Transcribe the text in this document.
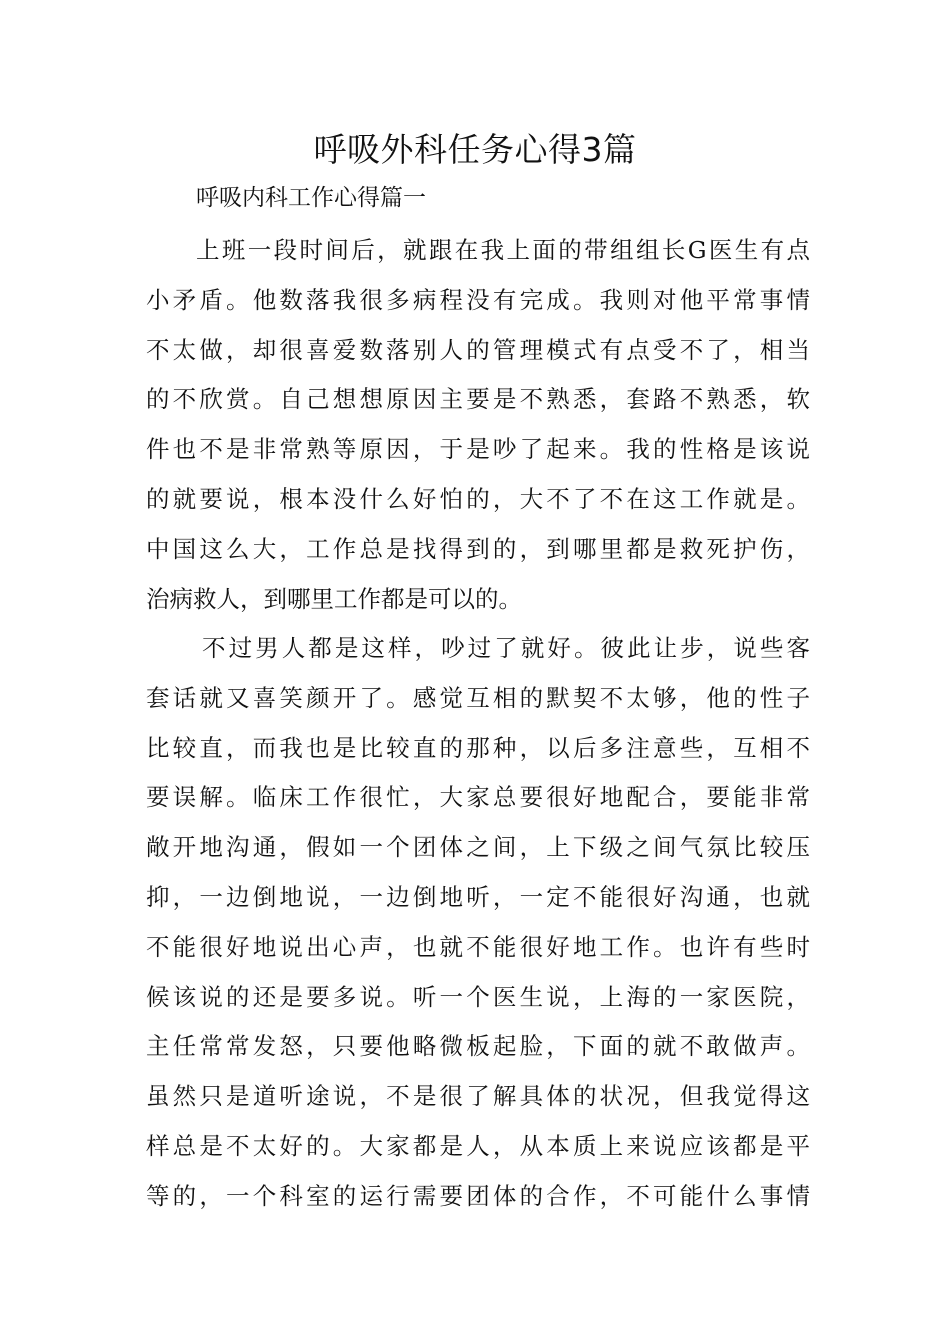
呼吸外科任务心得3篇

呼吸内科工作心得篇一

上班一段时间后，就跟在我上面的带组组长G医生有点

小矛盾。他数落我很多病程没有完成。我则对他平常事情

不太做，却很喜爱数落别人的管理模式有点受不了，相当

的不欣赏。自己想想原因主要是不熟悉，套路不熟悉，软

件也不是非常熟等原因，于是吵了起来。我的性格是该说

的就要说，根本没什么好怕的，大不了不在这工作就是。

中国这么大，工作总是找得到的，到哪里都是救死护伤，

治病救人，到哪里工作都是可以的。

不过男人都是这样，吵过了就好。彼此让步，说些客

套话就又喜笑颜开了。感觉互相的默契不太够，他的性子

比较直，而我也是比较直的那种，以后多注意些，互相不

要误解。临床工作很忙，大家总要很好地配合，要能非常

敞开地沟通，假如一个团体之间，上下级之间气氛比较压

抑，一边倒地说，一边倒地听，一定不能很好沟通，也就

不能很好地说出心声，也就不能很好地工作。也许有些时

候该说的还是要多说。听一个医生说，上海的一家医院，

主任常常发怒，只要他略微板起脸，下面的就不敢做声。

虽然只是道听途说，不是很了解具体的状况，但我觉得这

样总是不太好的。大家都是人，从本质上来说应该都是平

等的，一个科室的运行需要团体的合作，不可能什么事情
